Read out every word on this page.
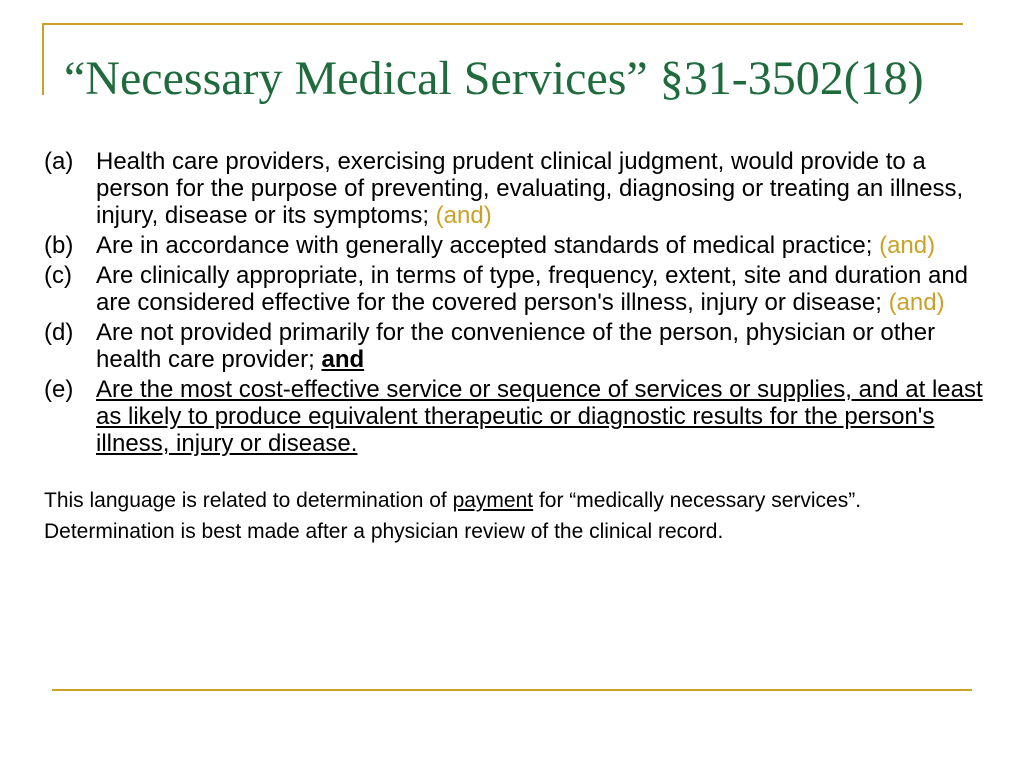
“Necessary Medical Services” §31-3502(18)
(a) Health care providers, exercising prudent clinical judgment, would provide to a person for the purpose of preventing, evaluating, diagnosing or treating an illness, injury, disease or its symptoms; (and)
(b) Are in accordance with generally accepted standards of medical practice; (and)
(c) Are clinically appropriate, in terms of type, frequency, extent, site and duration and are considered effective for the covered person's illness, injury or disease; (and)
(d) Are not provided primarily for the convenience of the person, physician or other health care provider; and
(e) Are the most cost-effective service or sequence of services or supplies, and at least as likely to produce equivalent therapeutic or diagnostic results for the person's illness, injury or disease.
This language is related to determination of payment for “medically necessary services”. Determination is best made after a physician review of the clinical record.
